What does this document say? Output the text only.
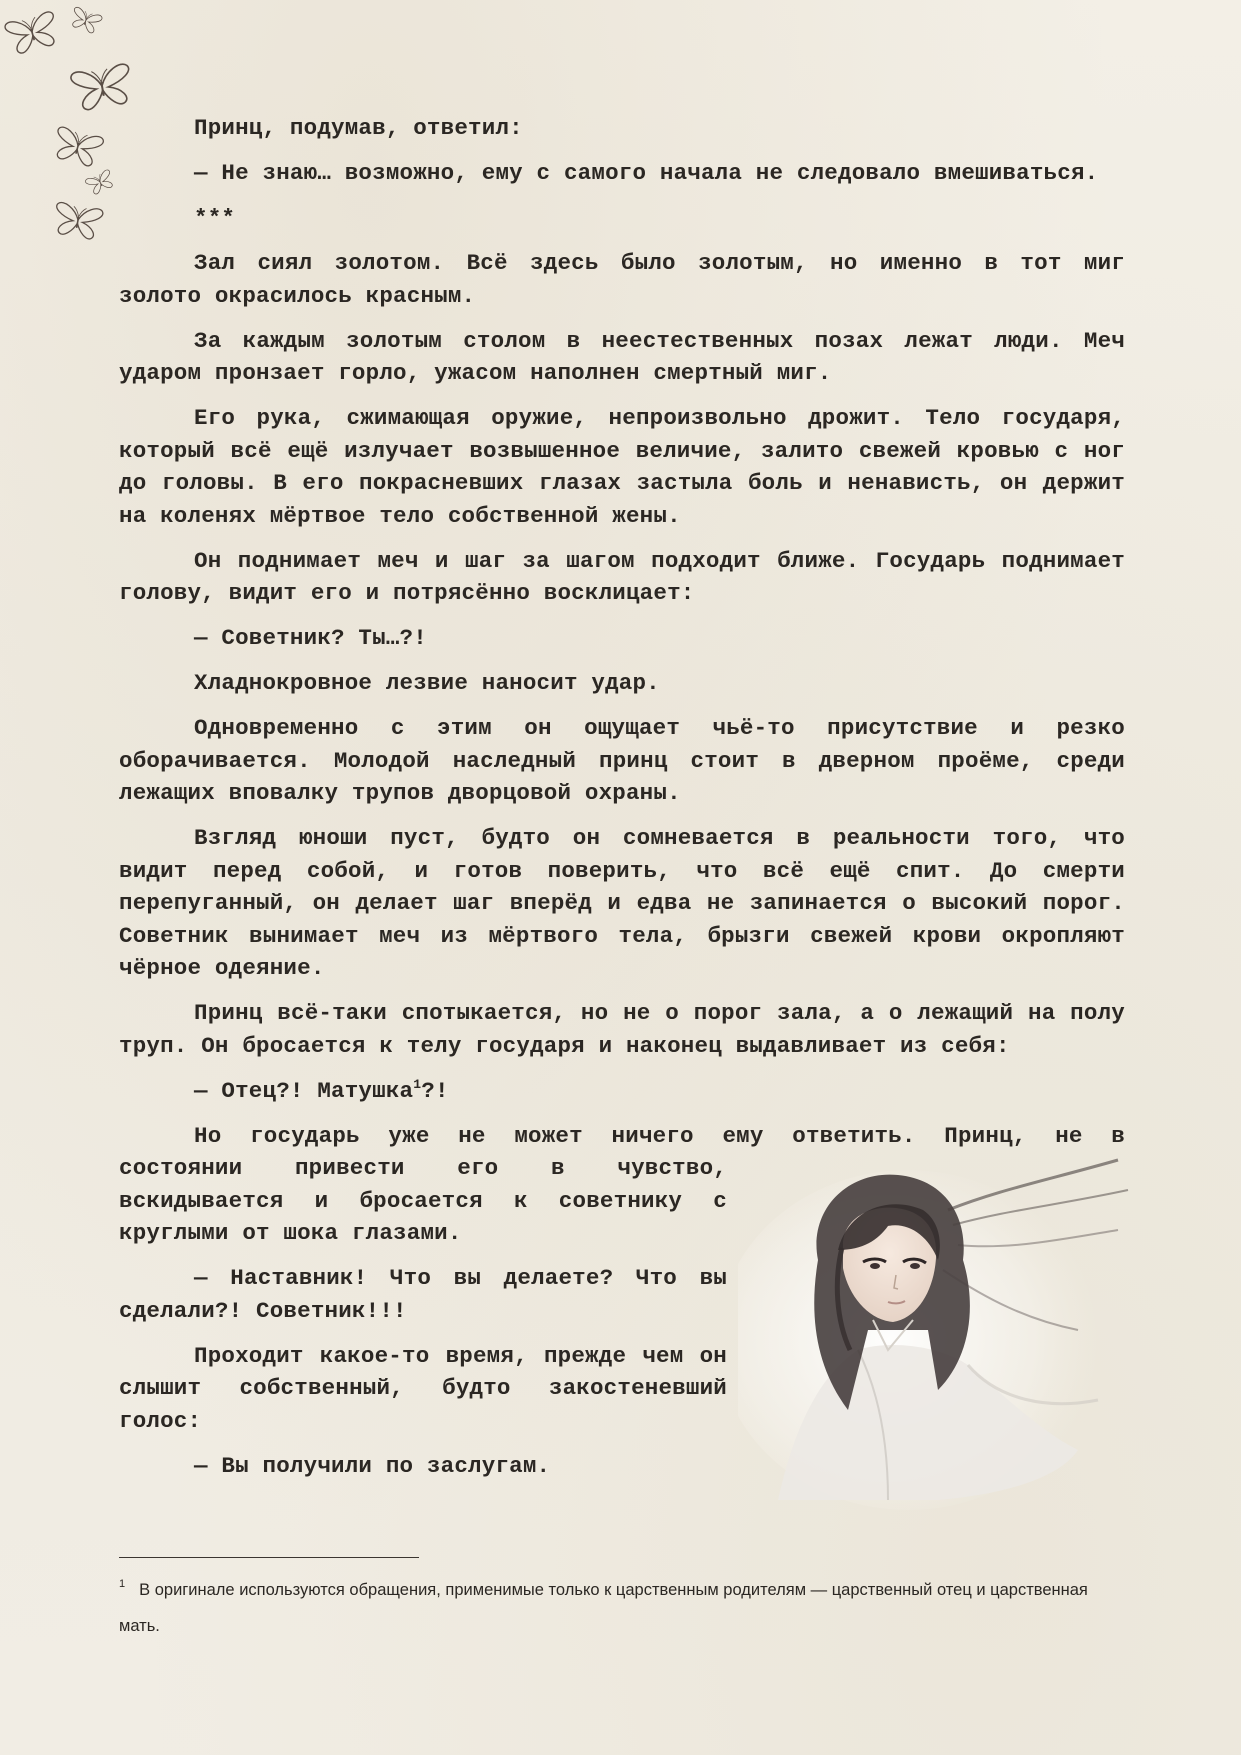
Принц, подумав, ответил:

— Не знаю… возможно, ему с самого начала не следовало вмешиваться.

***

Зал сиял золотом. Всё здесь было золотым, но именно в тот миг золото окрасилось красным.

За каждым золотым столом в неестественных позах лежат люди. Меч ударом пронзает горло, ужасом наполнен смертный миг.

Его рука, сжимающая оружие, непроизвольно дрожит. Тело государя, который всё ещё излучает возвышенное величие, залито свежей кровью с ног до головы. В его покрасневших глазах застыла боль и ненависть, он держит на коленях мёртвое тело собственной жены.

Он поднимает меч и шаг за шагом подходит ближе. Государь поднимает голову, видит его и потрясённо восклицает:

— Советник? Ты…?!

Хладнокровное лезвие наносит удар.

Одновременно с этим он ощущает чьё-то присутствие и резко оборачивается. Молодой наследный принц стоит в дверном проёме, среди лежащих вповалку трупов дворцовой охраны.

Взгляд юноши пуст, будто он сомневается в реальности того, что видит перед собой, и готов поверить, что всё ещё спит. До смерти перепуганный, он делает шаг вперёд и едва не запинается о высокий порог. Советник вынимает меч из мёртвого тела, брызги свежей крови окропляют чёрное одеяние.

Принц всё-таки спотыкается, но не о порог зала, а о лежащий на полу труп. Он бросается к телу государя и наконец выдавливает из себя:

— Отец?! Матушка$^1$?!

Но государь уже не может ничего ему ответить. Принц, не в

состоянии привести его в чувство, вскидывается и бросается к советнику с круглыми от шока глазами.

— Наставник! Что вы делаете? Что вы сделали?! Советник!!!

Проходит какое-то время, прежде чем он слышит собственный, будто закостеневший голос:

— Вы получили по заслугам.

$^1$ В оригинале используются обращения, применимые только к царственным родителям — царственный отец и царственная мать.
